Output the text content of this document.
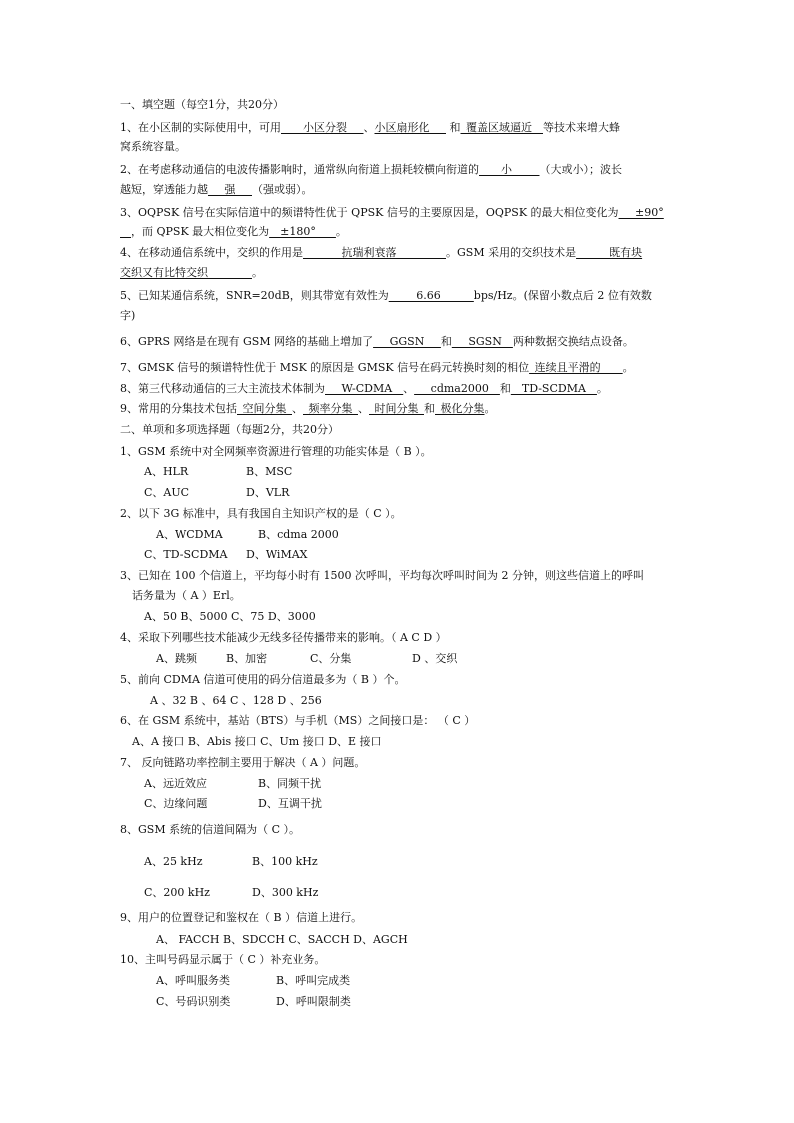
一、填空题（每空1分，共20分）
1、在小区制的实际使用中，可用____小区分裂___、小区扇形化___ 和_覆盖区域逼近__等技术来增大蜂
窝系统容量。
2、在考虑移动通信的电波传播影响时，通常纵向衔道上损耗较横向衔道的____小_____（大或小）；波长
越短，穿透能力越___强___（强或弱）。
3、OQPSK 信号在实际信道中的频谱特性优于 QPSK 信号的主要原因是，OQPSK 的最大相位变化为___±90°
__，而 QPSK 最大相位变化为__±180° ___。
4、在移动通信系统中，交织的作用是_______抗瑞利衰落_________。GSM 采用的交织技术是______既有块
交织又有比特交织________。
5、已知某通信系统，SNR=20dB，则其带宽有效性为_____6.66______bps/Hz。(保留小数点后 2 位有效数
字)
6、GPRS 网络是在现有 GSM 网络的基础上增加了___GGSN___和___SGSN__两种数据交换结点设备。
7、GMSK 信号的频谱特性优于 MSK 的原因是 GMSK 信号在码元转换时刻的相位_连续且平滑的____。
8、第三代移动通信的三大主流技术体制为___W-CDMA__、___cdma2000__和__TD-SCDMA__。
9、常用的分集技术包括_空间分集_、_频率分集_、_时间分集_和_极化分集。
二、单项和多项选择题（每题2分，共20分）
1、GSM 系统中对全网频率资源进行管理的功能实体是（ B ）。
A、HLR	B、MSC
C、AUC	D、VLR
2、以下 3G 标准中，具有我国自主知识产权的是（ C ）。
A、WCDMA	B、cdma 2000
C、TD-SCDMA	D、WiMAX
3、已知在 100 个信道上，平均每小时有 1500 次呼叫，平均每次呼叫时间为 2 分钟，则这些信道上的呼叫
话务量为（ A ）Erl。
A、50 B、5000 C、75 D、3000
4、采取下列哪些技术能减少无线多径传播带来的影响。（ A C D ）
A、跳频	B、加密	C、分集	D 、交织
5、前向 CDMA 信道可使用的码分信道最多为（ B ）个。
A 、32 B 、64 C 、128 D 、256
6、在 GSM 系统中，基站（BTS）与手机（MS）之间接口是： （ C ）
A、A 接口 B、Abis 接口 C、Um 接口 D、E 接口
7、 反向链路功率控制主要用于解决（ A ）问题。
A、远近效应	B、同频干扰
C、边缘问题	D、互调干扰
8、GSM 系统的信道间隔为（ C ）。
A、25 kHz	B、100 kHz
C、200 kHz	D、300 kHz
9、用户的位置登记和鉴权在（ B ）信道上进行。
A、 FACCH B、SDCCH C、SACCH D、AGCH
10、主叫号码显示属于（ C ）补充业务。
A、呼叫服务类	B、呼叫完成类
C、号码识别类	D、呼叫限制类
